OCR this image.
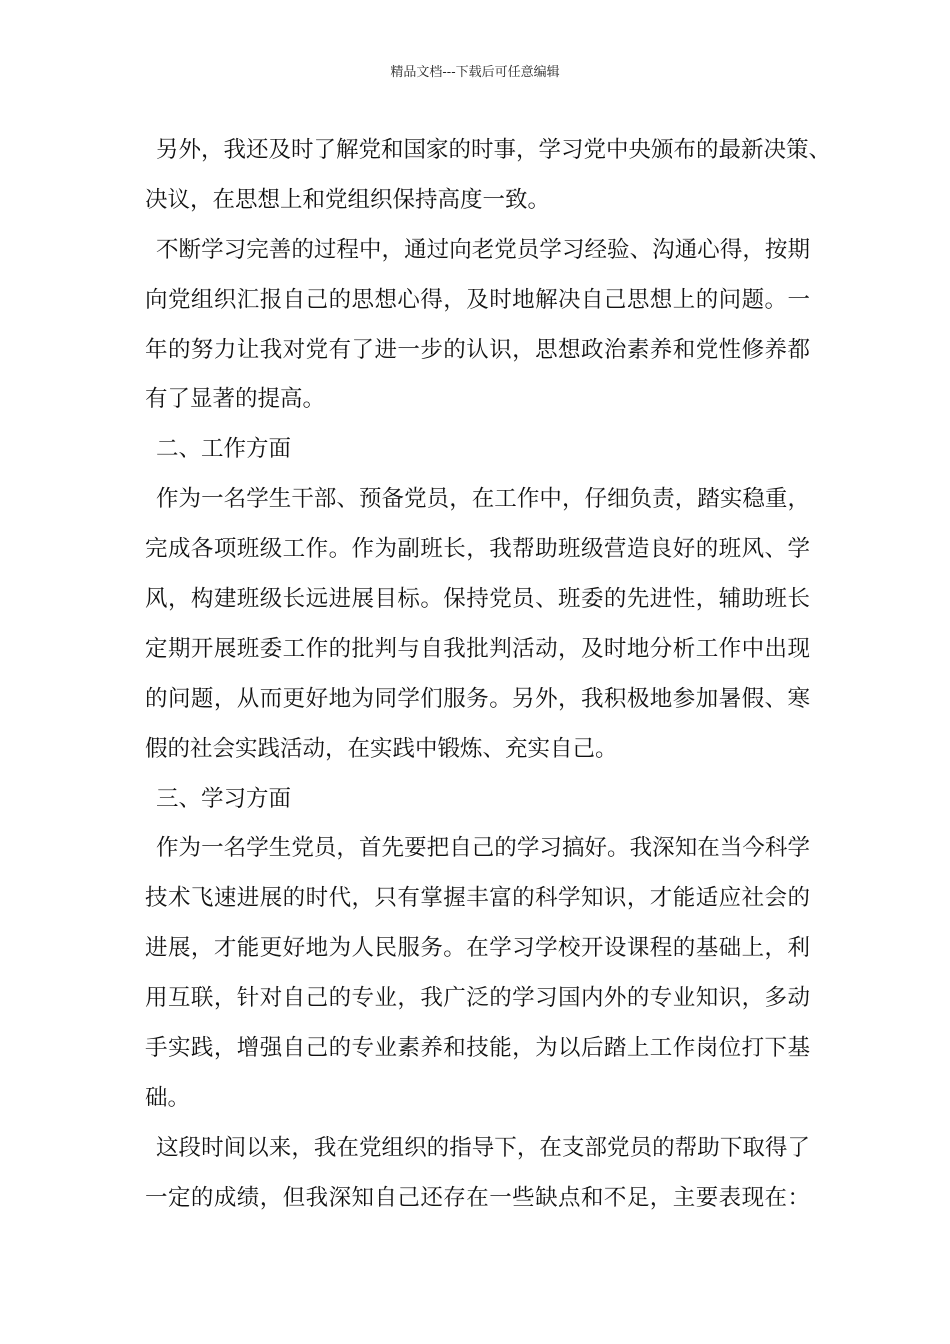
精品文档---下载后可任意编辑
另外，我还及时了解党和国家的时事，学习党中央颁布的最新决策、
决议，在思想上和党组织保持高度一致。
不断学习完善的过程中，通过向老党员学习经验、沟通心得，按期
向党组织汇报自己的思想心得，及时地解决自己思想上的问题。一
年的努力让我对党有了进一步的认识，思想政治素养和党性修养都
有了显著的提高。
二、工作方面
作为一名学生干部、预备党员，在工作中，仔细负责，踏实稳重，
完成各项班级工作。作为副班长，我帮助班级营造良好的班风、学
风，构建班级长远进展目标。保持党员、班委的先进性，辅助班长
定期开展班委工作的批判与自我批判活动，及时地分析工作中出现
的问题，从而更好地为同学们服务。另外，我积极地参加暑假、寒
假的社会实践活动，在实践中锻炼、充实自己。
三、学习方面
作为一名学生党员，首先要把自己的学习搞好。我深知在当今科学
技术飞速进展的时代，只有掌握丰富的科学知识，才能适应社会的
进展，才能更好地为人民服务。在学习学校开设课程的基础上，利
用互联，针对自己的专业，我广泛的学习国内外的专业知识，多动
手实践，增强自己的专业素养和技能，为以后踏上工作岗位打下基
础。
这段时间以来，我在党组织的指导下，在支部党员的帮助下取得了
一定的成绩，但我深知自己还存在一些缺点和不足，主要表现在：
